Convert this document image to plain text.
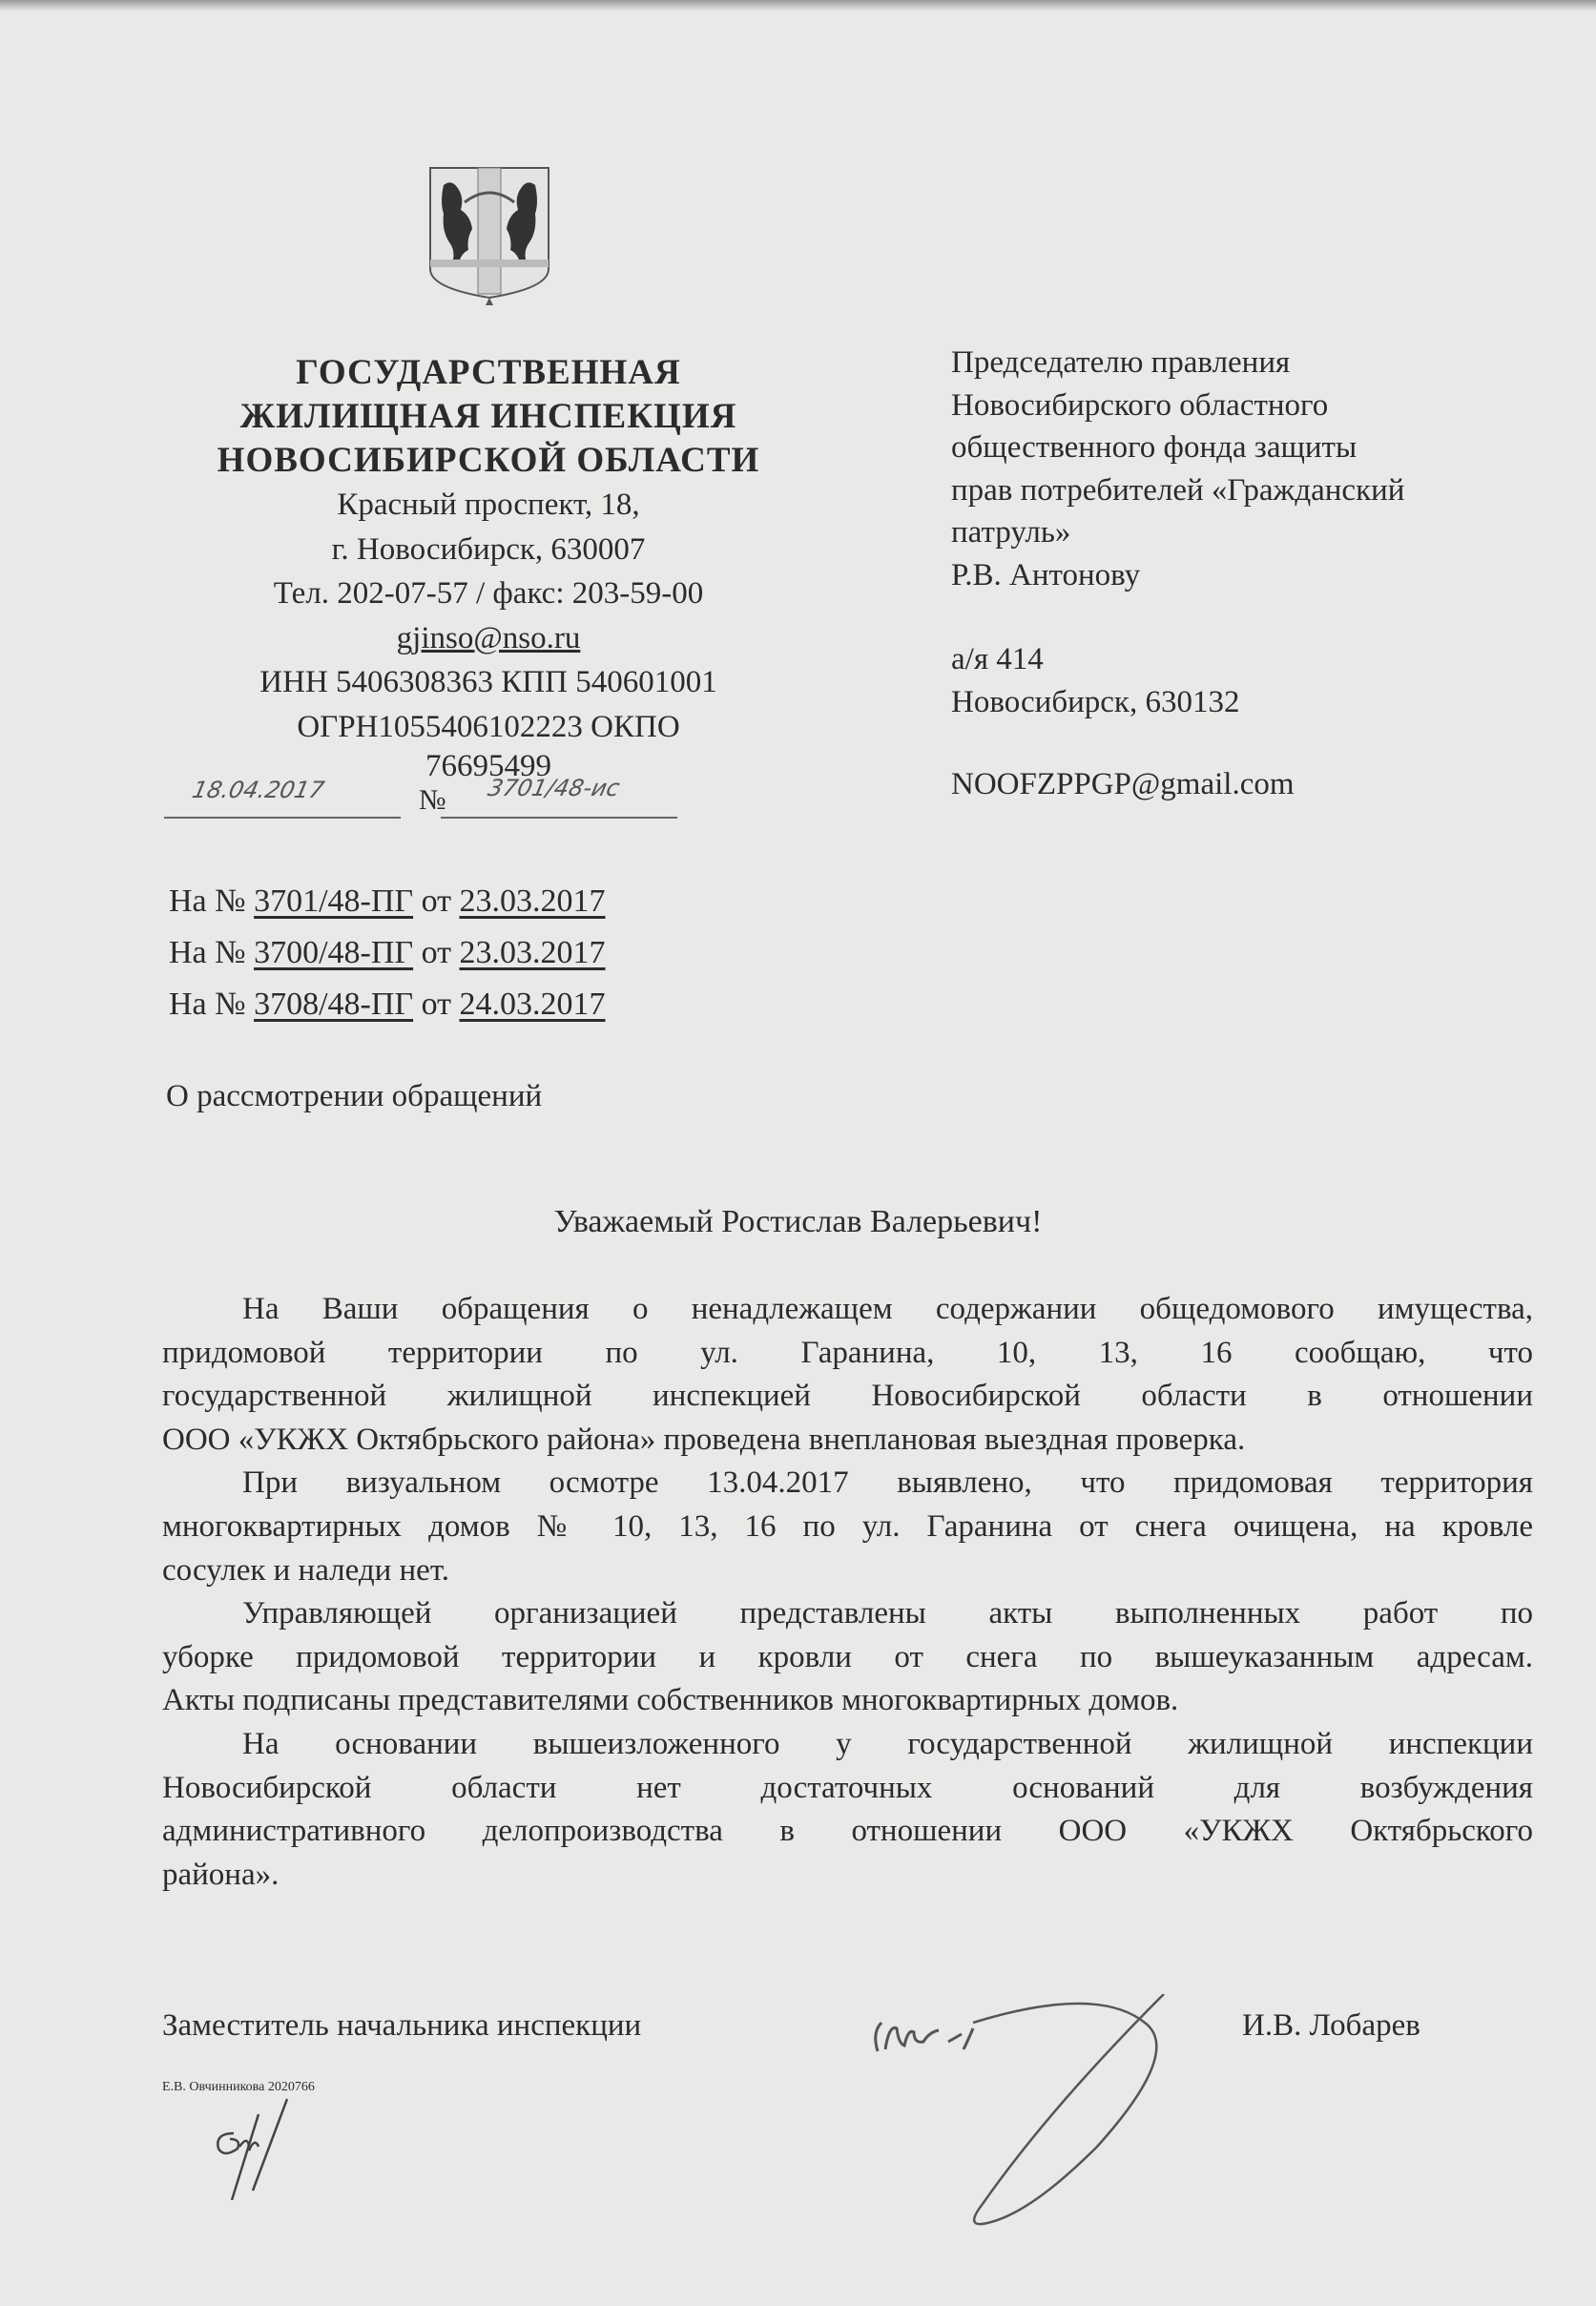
ГОСУДАРСТВЕННАЯ
ЖИЛИЩНАЯ ИНСПЕКЦИЯ
НОВОСИБИРСКОЙ ОБЛАСТИ
Красный проспект, 18,
г. Новосибирск, 630007
Тел. 202-07-57 / факс: 203-59-00
gjinso@nso.ru
ИНН 5406308363 КПП 540601001
ОГРН1055406102223 ОКПО
76695499
18.04.2017	№ 3701/48-ис
Председателю правления
Новосибирского областного
общественного фонда защиты
прав потребителей «Гражданский
патруль»
Р.В. Антонову
а/я 414
Новосибирск, 630132
NOOFZPPGP@gmail.com
На № 3701/48-ПГ от 23.03.2017
На № 3700/48-ПГ от 23.03.2017
На № 3708/48-ПГ от 24.03.2017
О рассмотрении обращений
Уважаемый Ростислав Валерьевич!
На Ваши обращения о ненадлежащем содержании общедомового имущества,
придомовой территории по ул. Гаранина, 10, 13, 16 сообщаю, что
государственной жилищной инспекцией Новосибирской области в отношении
ООО «УКЖХ Октябрьского района» проведена внеплановая выездная проверка.
При визуальном осмотре 13.04.2017 выявлено, что придомовая территория
многоквартирных домов № 10, 13, 16 по ул. Гаранина от снега очищена, на кровле
сосулек и наледи нет.
Управляющей организацией представлены акты выполненных работ по
уборке придомовой территории и кровли от снега по вышеуказанным адресам.
Акты подписаны представителями собственников многоквартирных домов.
На основании вышеизложенного у государственной жилищной инспекции
Новосибирской области нет достаточных оснований для возбуждения
административного делопроизводства в отношении ООО «УКЖХ Октябрьского
района».
Заместитель начальника инспекции	И.В. Лобарев
Е.В. Овчинникова 2020766
